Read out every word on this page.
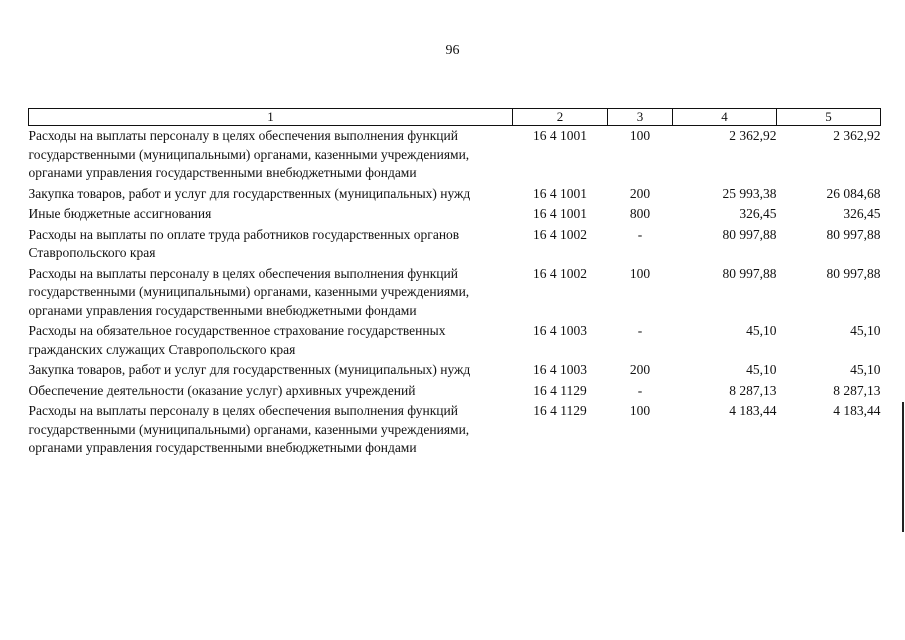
96
1	2	3	4	5
Расходы на выплаты персоналу в целях обеспечения выполнения функций государственными (муниципальными) органами, казенными учреждениями, органами управления государственными внебюджетными фондами	16 4 1001	100	2 362,92	2 362,92
Закупка товаров, работ и услуг для государственных (муниципальных) нужд	16 4 1001	200	25 993,38	26 084,68
Иные бюджетные ассигнования	16 4 1001	800	326,45	326,45
Расходы на выплаты по оплате труда работников государственных органов Ставропольского края	16 4 1002	-	80 997,88	80 997,88
Расходы на выплаты персоналу в целях обеспечения выполнения функций государственными (муниципальными) органами, казенными учреждениями, органами управления государственными внебюджетными фондами	16 4 1002	100	80 997,88	80 997,88
Расходы на обязательное государственное страхование государственных гражданских служащих Ставропольского края	16 4 1003	-	45,10	45,10
Закупка товаров, работ и услуг для государственных (муниципальных) нужд	16 4 1003	200	45,10	45,10
Обеспечение деятельности (оказание услуг) архивных учреждений	16 4 1129	-	8 287,13	8 287,13
Расходы на выплаты персоналу в целях обеспечения выполнения функций государственными (муниципальными) органами, казенными учреждениями, органами управления государственными внебюджетными фондами	16 4 1129	100	4 183,44	4 183,44
